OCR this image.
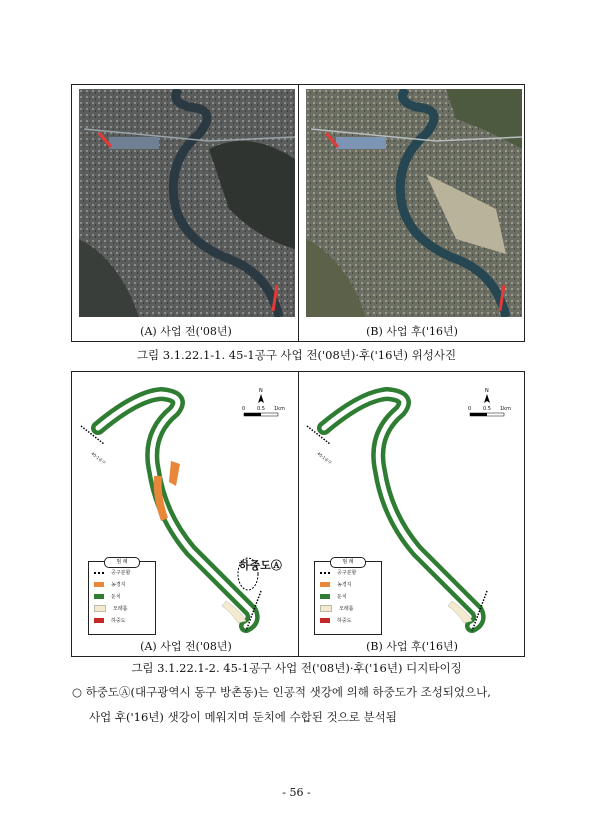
(A) 사업 전('08년)	(B) 사업 후('16년)
그림 3.1.22.1-1. 45-1공구 사업 전('08년)·후('16년) 위성사진
45-1공구
N
0 0.5 1km
하중도Ⓐ
범 례
공구분할
농경지
둔치
모래톱
하중도
45-1공구
N
0 0.5 1km
범 례
공구분할
농경지
둔치
모래톱
하중도
(A) 사업 전('08년)	(B) 사업 후('16년)
그림 3.1.22.1-2. 45-1공구 사업 전('08년)·후('16년) 디지타이징
○ 하중도Ⓐ(대구광역시 동구 방촌동)는 인공적 샛강에 의해 하중도가 조성되었으나,
사업 후('16년) 샛강이 메워지며 둔치에 수합된 것으로 분석됨
- 56 -
